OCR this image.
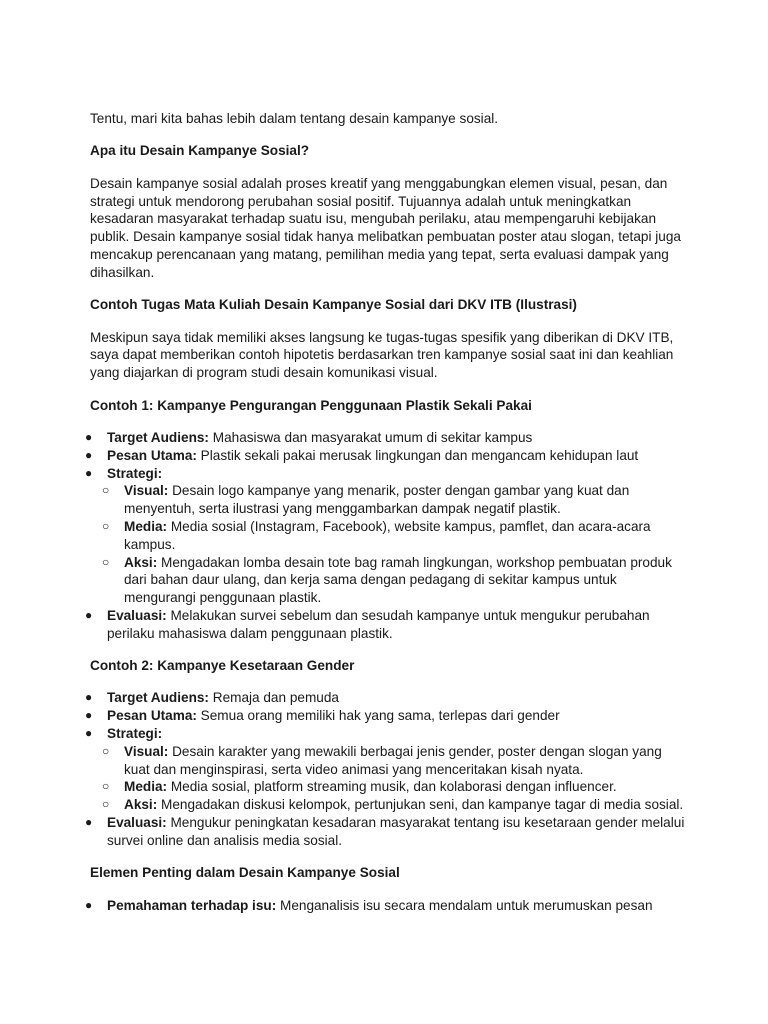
Tentu, mari kita bahas lebih dalam tentang desain kampanye sosial.

Apa itu Desain Kampanye Sosial?

Desain kampanye sosial adalah proses kreatif yang menggabungkan elemen visual, pesan, dan strategi untuk mendorong perubahan sosial positif. Tujuannya adalah untuk meningkatkan kesadaran masyarakat terhadap suatu isu, mengubah perilaku, atau mempengaruhi kebijakan publik. Desain kampanye sosial tidak hanya melibatkan pembuatan poster atau slogan, tetapi juga mencakup perencanaan yang matang, pemilihan media yang tepat, serta evaluasi dampak yang dihasilkan.

Contoh Tugas Mata Kuliah Desain Kampanye Sosial dari DKV ITB (Ilustrasi)

Meskipun saya tidak memiliki akses langsung ke tugas-tugas spesifik yang diberikan di DKV ITB, saya dapat memberikan contoh hipotetis berdasarkan tren kampanye sosial saat ini dan keahlian yang diajarkan di program studi desain komunikasi visual.

Contoh 1: Kampanye Pengurangan Penggunaan Plastik Sekali Pakai

● Target Audiens: Mahasiswa dan masyarakat umum di sekitar kampus
● Pesan Utama: Plastik sekali pakai merusak lingkungan dan mengancam kehidupan laut
● Strategi:
○ Visual: Desain logo kampanye yang menarik, poster dengan gambar yang kuat dan menyentuh, serta ilustrasi yang menggambarkan dampak negatif plastik.
○ Media: Media sosial (Instagram, Facebook), website kampus, pamflet, dan acara-acara kampus.
○ Aksi: Mengadakan lomba desain tote bag ramah lingkungan, workshop pembuatan produk dari bahan daur ulang, dan kerja sama dengan pedagang di sekitar kampus untuk mengurangi penggunaan plastik.
● Evaluasi: Melakukan survei sebelum dan sesudah kampanye untuk mengukur perubahan perilaku mahasiswa dalam penggunaan plastik.

Contoh 2: Kampanye Kesetaraan Gender

● Target Audiens: Remaja dan pemuda
● Pesan Utama: Semua orang memiliki hak yang sama, terlepas dari gender
● Strategi:
○ Visual: Desain karakter yang mewakili berbagai jenis gender, poster dengan slogan yang kuat dan menginspirasi, serta video animasi yang menceritakan kisah nyata.
○ Media: Media sosial, platform streaming musik, dan kolaborasi dengan influencer.
○ Aksi: Mengadakan diskusi kelompok, pertunjukan seni, dan kampanye tagar di media sosial.
● Evaluasi: Mengukur peningkatan kesadaran masyarakat tentang isu kesetaraan gender melalui survei online dan analisis media sosial.

Elemen Penting dalam Desain Kampanye Sosial

● Pemahaman terhadap isu: Menganalisis isu secara mendalam untuk merumuskan pesan
